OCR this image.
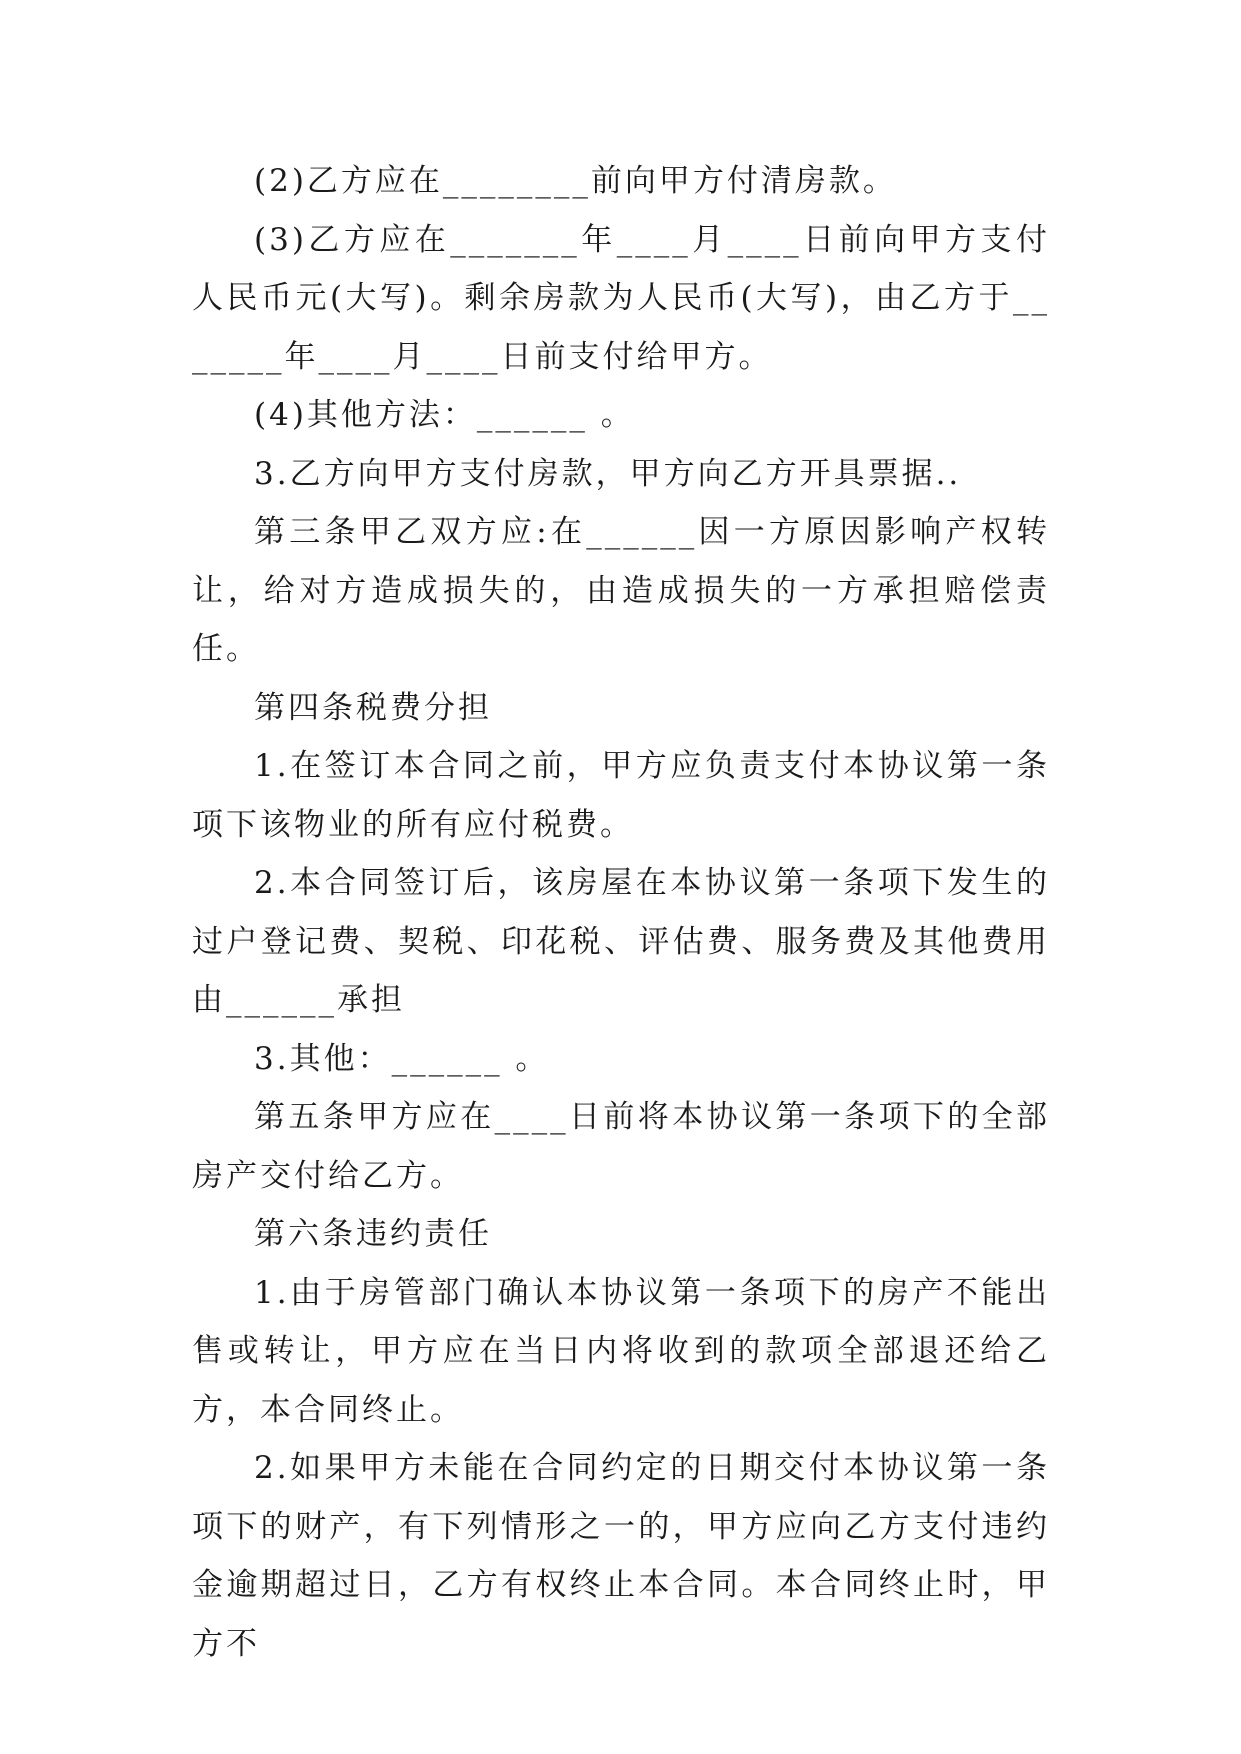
(2)乙方应在________前向甲方付清房款。

(3)乙方应在_______年____月____日前向甲方支付人民币元(大写)。剩余房款为人民币(大写)，由乙方于_______年____月____日前支付给甲方。

(4)其他方法：______ 。

3.乙方向甲方支付房款，甲方向乙方开具票据..

第三条甲乙双方应:在______因一方原因影响产权转让，给对方造成损失的，由造成损失的一方承担赔偿责任。

第四条税费分担

1.在签订本合同之前，甲方应负责支付本协议第一条项下该物业的所有应付税费。

2.本合同签订后，该房屋在本协议第一条项下发生的过户登记费、契税、印花税、评估费、服务费及其他费用由______承担

3.其他：______ 。

第五条甲方应在____日前将本协议第一条项下的全部房产交付给乙方。

第六条违约责任

1.由于房管部门确认本协议第一条项下的房产不能出售或转让，甲方应在当日内将收到的款项全部退还给乙方，本合同终止。

2.如果甲方未能在合同约定的日期交付本协议第一条项下的财产，有下列情形之一的，甲方应向乙方支付违约金逾期超过日，乙方有权终止本合同。本合同终止时，甲方不
